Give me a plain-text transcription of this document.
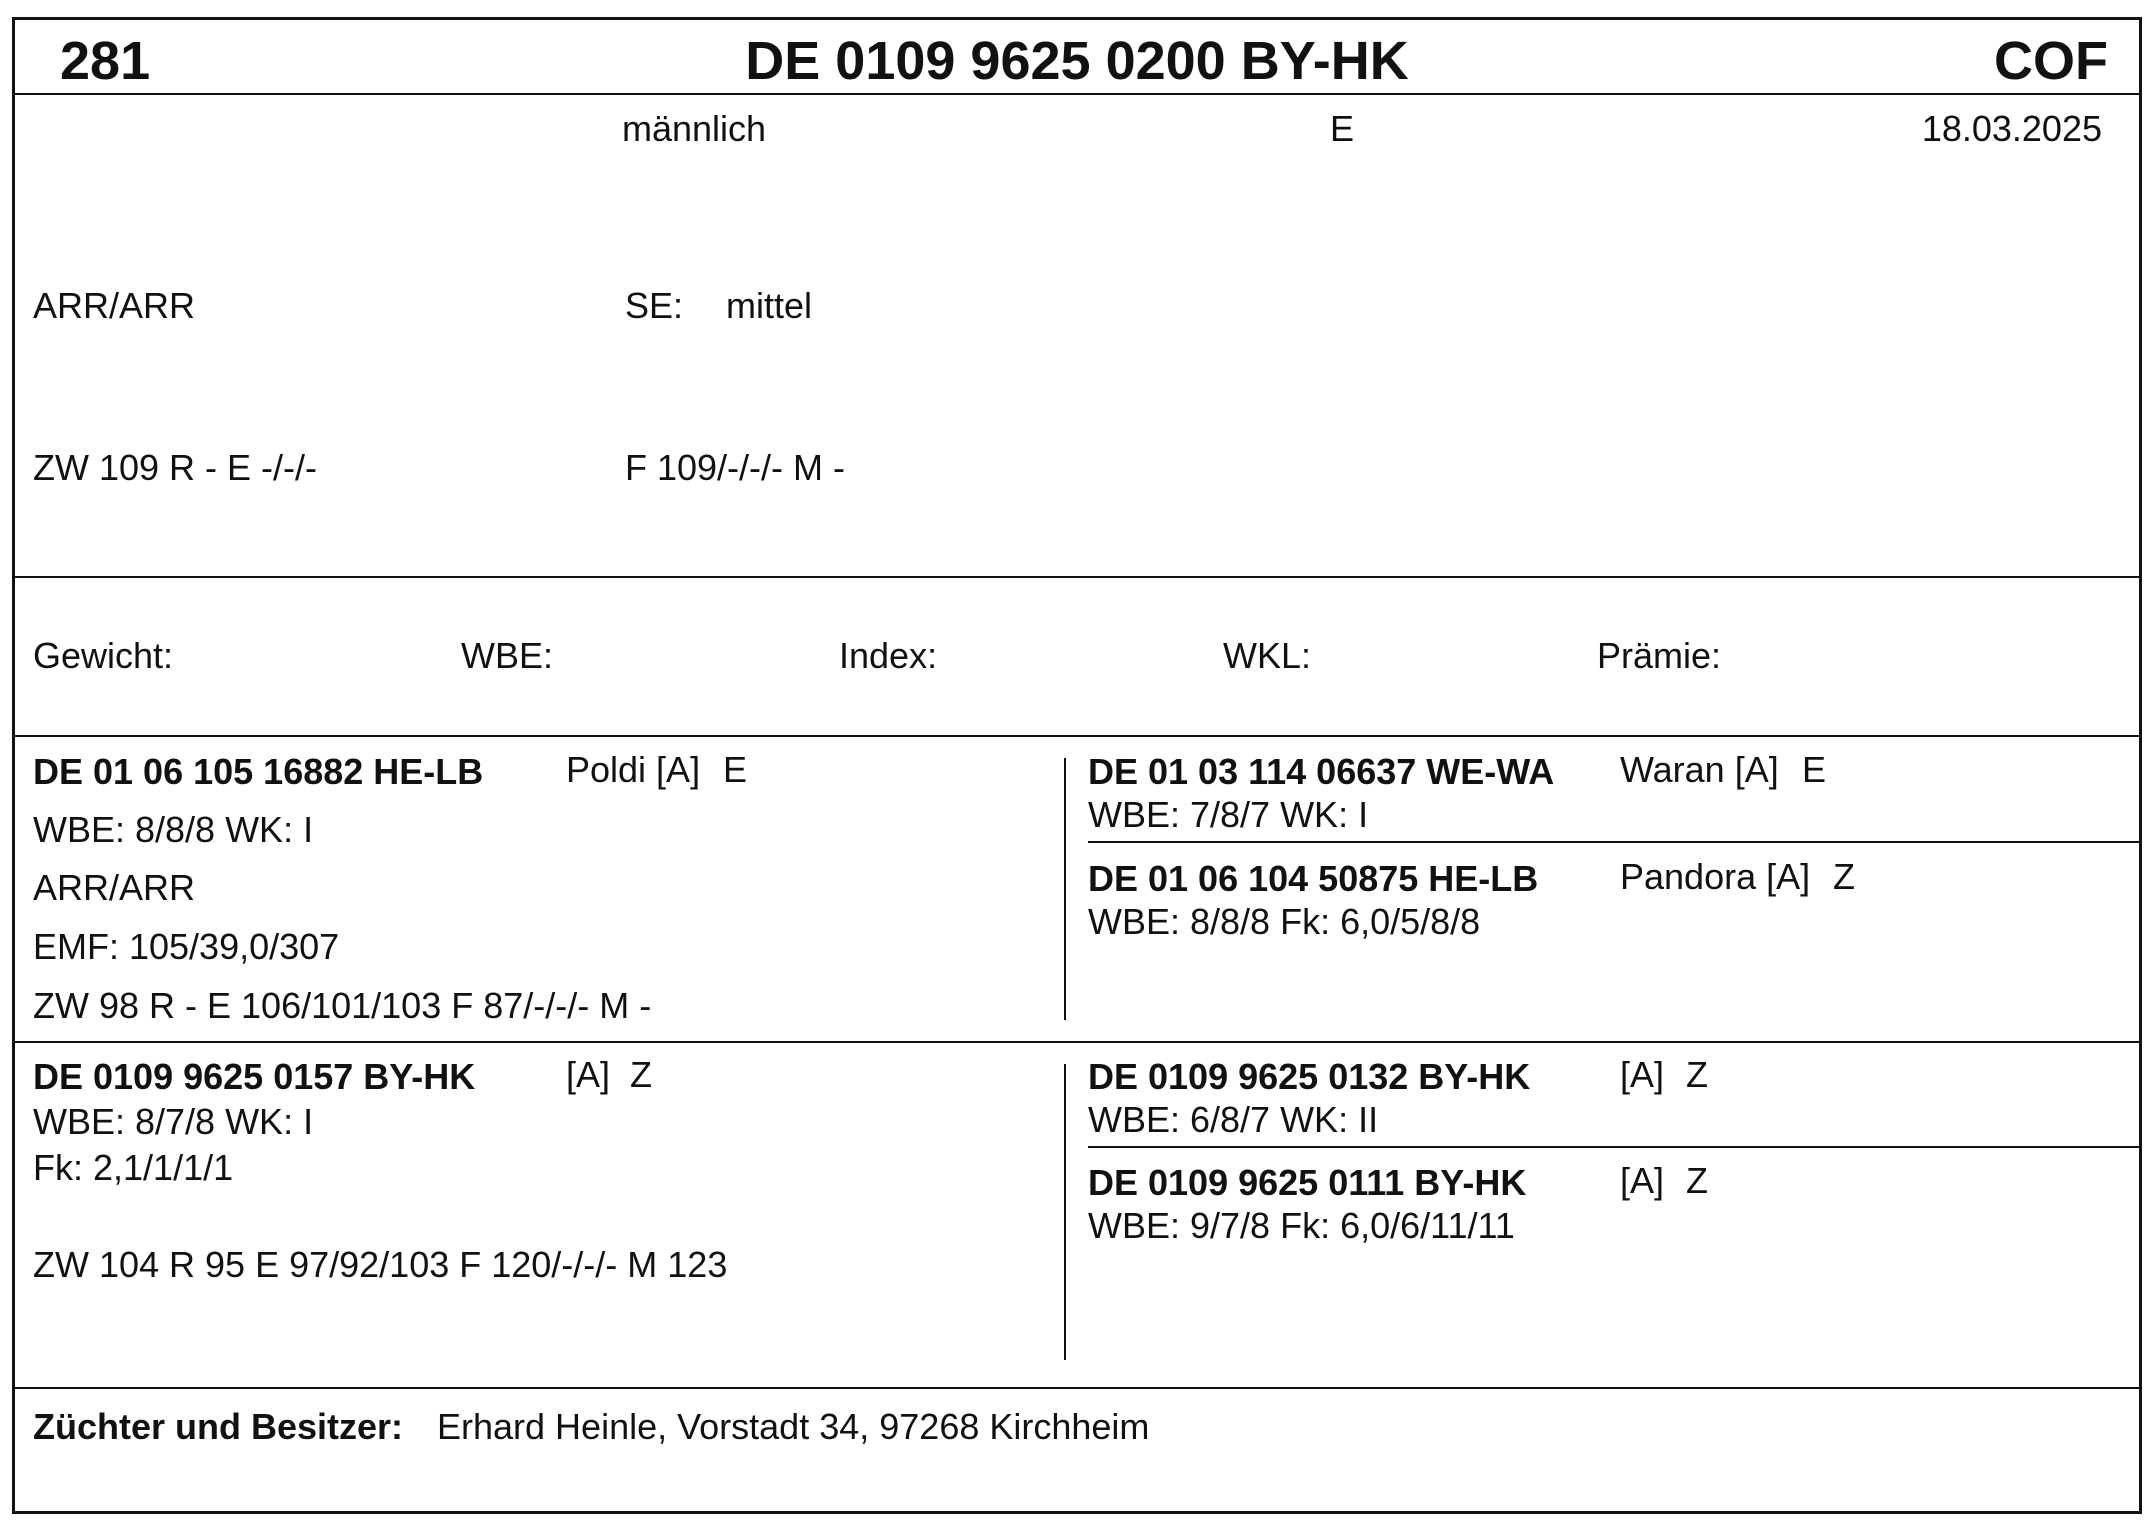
281	DE 0109 9625 0200 BY-HK	COF
männlich	E	18.03.2025
ARR/ARR	SE: mittel
ZW 109 R - E -/-/-	F 109/-/-/- M -
Gewicht:	WBE:	Index:	WKL:	Prämie:
DE 01 06 105 16882 HE-LB Poldi [A] E
WBE: 8/8/8 WK: I
ARR/ARR
EMF: 105/39,0/307
ZW 98 R - E 106/101/103 F 87/-/-/- M -
DE 01 03 114 06637 WE-WA Waran [A] E
WBE: 7/8/7 WK: I
DE 01 06 104 50875 HE-LB Pandora [A] Z
WBE: 8/8/8 Fk: 6,0/5/8/8
DE 0109 9625 0157 BY-HK	[A] Z
WBE: 8/7/8 WK: I
Fk: 2,1/1/1/1
ZW 104 R 95 E 97/92/103 F 120/-/-/- M 123
DE 0109 9625 0132 BY-HK [A] Z
WBE: 6/8/7 WK: II
DE 0109 9625 0111 BY-HK	[A] Z
WBE: 9/7/8 Fk: 6,0/6/11/11
Züchter und Besitzer: Erhard Heinle, Vorstadt 34, 97268 Kirchheim
